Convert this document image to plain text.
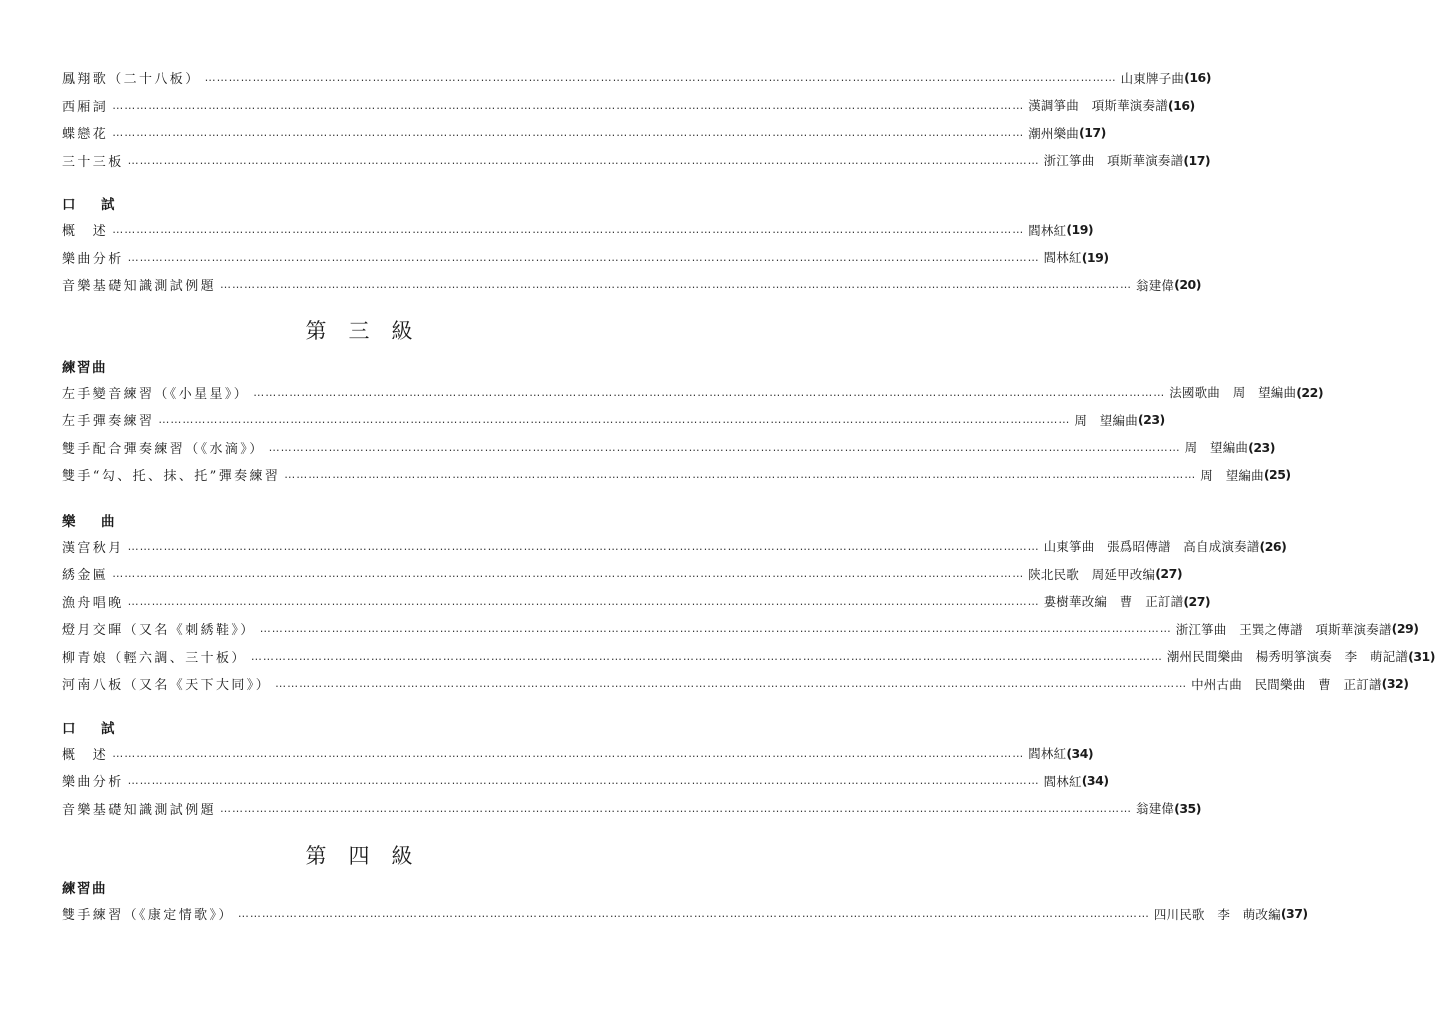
鳳翔歌（二十八板） ………………………………………………………………………………………………………………………………………………………………………………………………………… 山東牌子曲 (16)
西厢詞 ………………………………………………………………………………………………………………………………………………………………………………………………………… 漢調箏曲　項斯華演奏譜 (16)
蝶戀花 ………………………………………………………………………………………………………………………………………………………………………………………………………… 潮州樂曲 (17)
三十三板 ………………………………………………………………………………………………………………………………………………………………………………………………………… 浙江箏曲　項斯華演奏譜 (17)
口　試
概　述 ………………………………………………………………………………………………………………………………………………………………………………………………………… 閻林紅 (19)
樂曲分析 ………………………………………………………………………………………………………………………………………………………………………………………………………… 閻林紅 (19)
音樂基礎知識測試例題 ………………………………………………………………………………………………………………………………………………………………………………………………………… 翁建偉 (20)
第三級
練習曲
左手變音練習（《小星星》） ………………………………………………………………………………………………………………………………………………………………………………………………………… 法國歌曲　周　望編曲 (22)
左手彈奏練習 ………………………………………………………………………………………………………………………………………………………………………………………………………… 周　望編曲 (23)
雙手配合彈奏練習（《水滴》） ………………………………………………………………………………………………………………………………………………………………………………………………………… 周　望編曲 (23)
雙手“勾、托、抹、托”彈奏練習 ………………………………………………………………………………………………………………………………………………………………………………………………………… 周　望編曲 (25)
樂　曲
漢宫秋月 ………………………………………………………………………………………………………………………………………………………………………………………………………… 山東箏曲　張爲昭傳譜　高自成演奏譜 (26)
綉金匾 ………………………………………………………………………………………………………………………………………………………………………………………………………… 陝北民歌　周延甲改编 (27)
漁舟唱晚 ………………………………………………………………………………………………………………………………………………………………………………………………………… 婁樹華改編　曹　正訂譜 (27)
燈月交暉（又名《刺綉鞋》） ………………………………………………………………………………………………………………………………………………………………………………………………………… 浙江箏曲　王巽之傳譜　項斯華演奏譜 (29)
柳青娘（輕六調、三十板） ………………………………………………………………………………………………………………………………………………………………………………………………………… 潮州民間樂曲　楊秀明箏演奏　李　萌記譜 (31)
河南八板（又名《天下大同》） ………………………………………………………………………………………………………………………………………………………………………………………………………… 中州古曲　民間樂曲　曹　正訂譜 (32)
口　試
概　述 ………………………………………………………………………………………………………………………………………………………………………………………………………… 閻林紅 (34)
樂曲分析 ………………………………………………………………………………………………………………………………………………………………………………………………………… 閻林紅 (34)
音樂基礎知識測試例題 ………………………………………………………………………………………………………………………………………………………………………………………………………… 翁建偉 (35)
第四級
練習曲
雙手練習（《康定情歌》） ………………………………………………………………………………………………………………………………………………………………………………………………………… 四川民歌　李　萌改編 (37)
